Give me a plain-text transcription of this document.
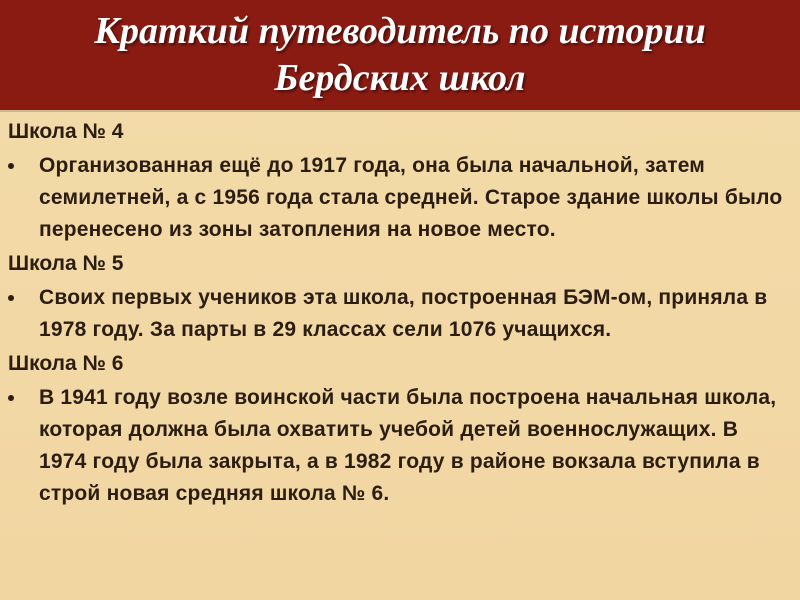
Краткий путеводитель по истории
Бердских школ
Школа № 4
Организованная ещё до 1917 года, она была начальной, затем семилетней, а с 1956 года стала средней. Старое здание школы было перенесено из зоны затопления на новое место.
Школа № 5
Своих первых учеников эта школа, построенная БЭМ-ом, приняла в 1978 году. За парты в 29 классах сели 1076 учащихся.
Школа № 6
В 1941 году возле воинской части была построена начальная школа, которая должна была охватить учебой детей военнослужащих. В 1974 году была закрыта, а в 1982 году в районе вокзала вступила в строй новая средняя школа № 6.
